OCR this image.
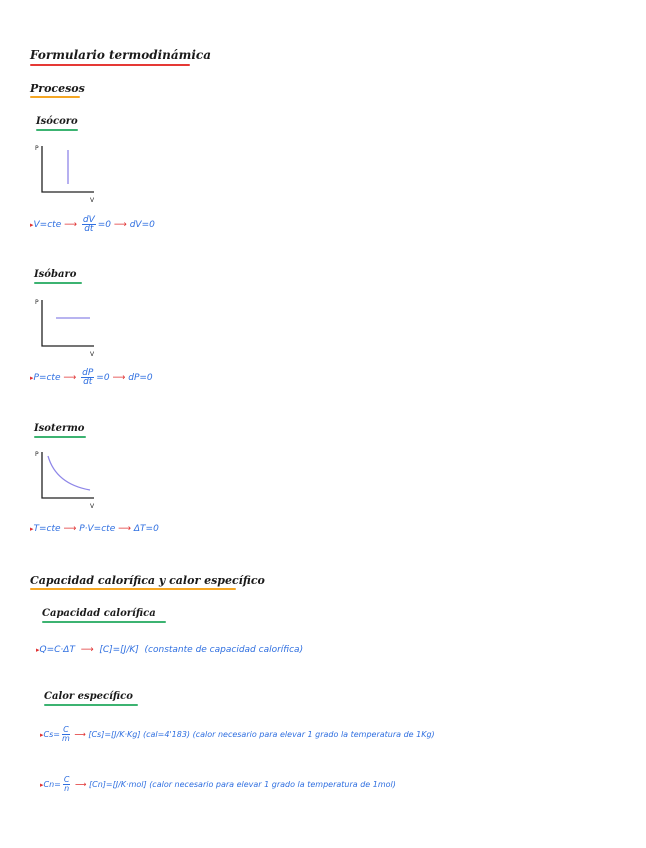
Formulario termodinámica
Procesos
Isócoro
P
V
▸V=cte ⟶ $\frac{dV}{dt} =0$ ⟶ dV=0
Isóbaro
P
V
▸P=cte ⟶ $\frac{dP}{dt} =0$ ⟶ dP=0
Isotermo
P
V
▸T=cte ⟶ P·V=cte ⟶ ΔT=0
Capacidad calorífica y calor específico
Capacidad calorífica
▸Q=C·ΔT  ⟶  [C]=[J/K] (constante de capacidad calorífica)
Calor específico
▸Cs= $\frac{C}{m}$ ⟶ [Cs]=[J/K·Kg] (cal=4'183) (calor necesario para elevar 1 grado la temperatura de 1Kg)
▸Cn= $\frac{C}{n}$ ⟶ [Cn]=[J/K·mol] (calor necesario para elevar 1 grado la temperatura de 1mol)
